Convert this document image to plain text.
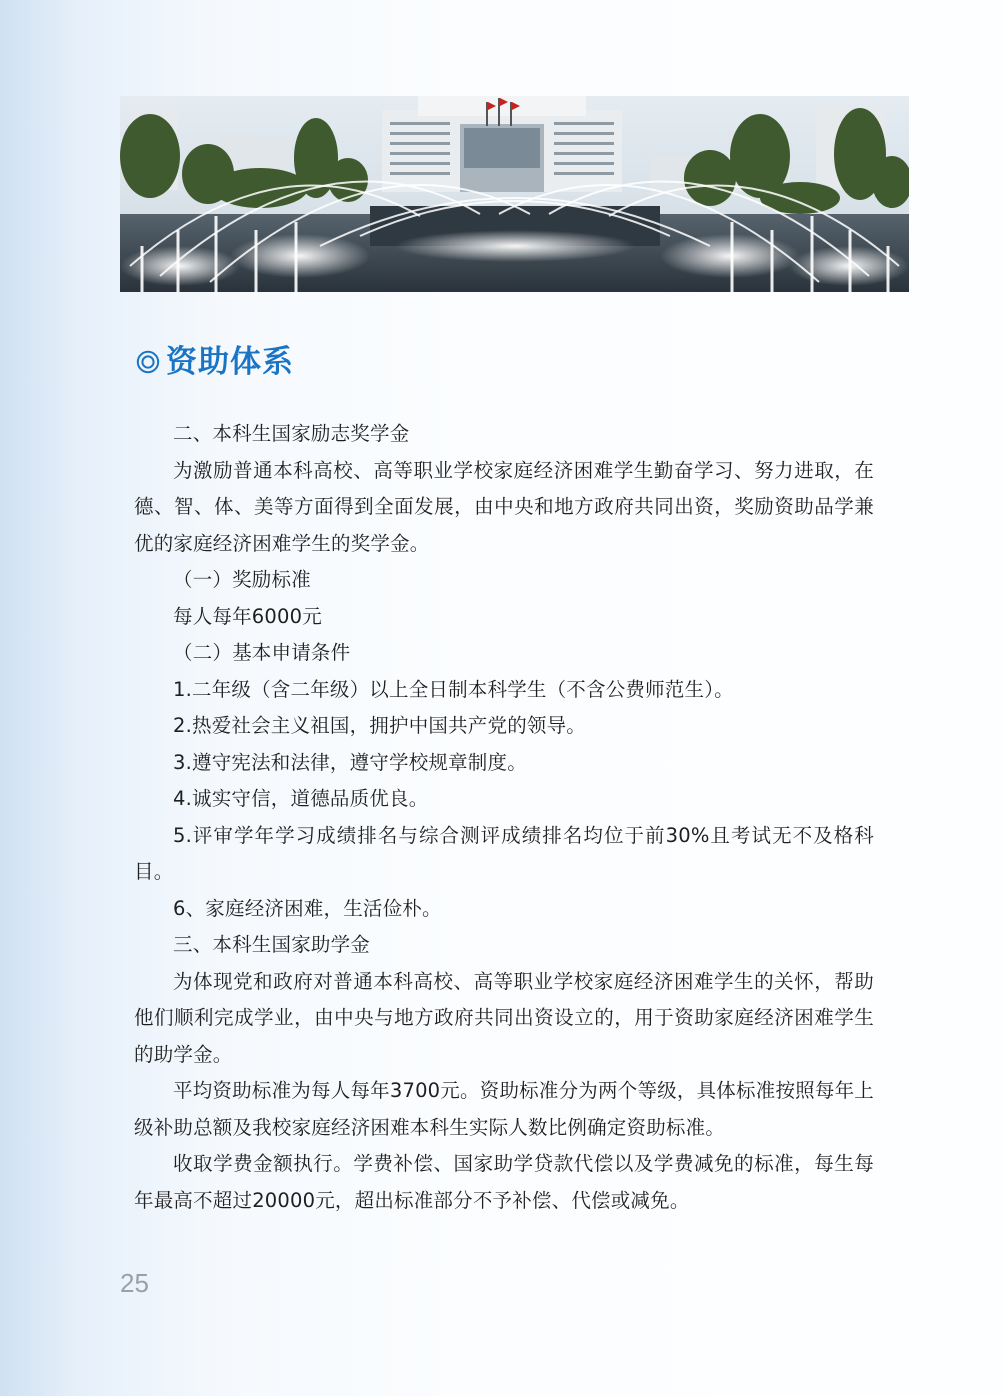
资助体系

二、本科生国家励志奖学金

为激励普通本科高校、高等职业学校家庭经济困难学生勤奋学习、努力进取，在德、智、体、美等方面得到全面发展，由中央和地方政府共同出资，奖励资助品学兼优的家庭经济困难学生的奖学金。

（一）奖励标准

每人每年6000元

（二）基本申请条件

1.二年级（含二年级）以上全日制本科学生（不含公费师范生）。

2.热爱社会主义祖国，拥护中国共产党的领导。

3.遵守宪法和法律，遵守学校规章制度。

4.诚实守信，道德品质优良。

5.评审学年学习成绩排名与综合测评成绩排名均位于前30%且考试无不及格科目。

6、家庭经济困难，生活俭朴。

三、本科生国家助学金

为体现党和政府对普通本科高校、高等职业学校家庭经济困难学生的关怀，帮助他们顺利完成学业，由中央与地方政府共同出资设立的，用于资助家庭经济困难学生的助学金。

平均资助标准为每人每年3700元。资助标准分为两个等级，具体标准按照每年上级补助总额及我校家庭经济困难本科生实际人数比例确定资助标准。

收取学费金额执行。学费补偿、国家助学贷款代偿以及学费减免的标准，每生每年最高不超过20000元，超出标准部分不予补偿、代偿或减免。

25
